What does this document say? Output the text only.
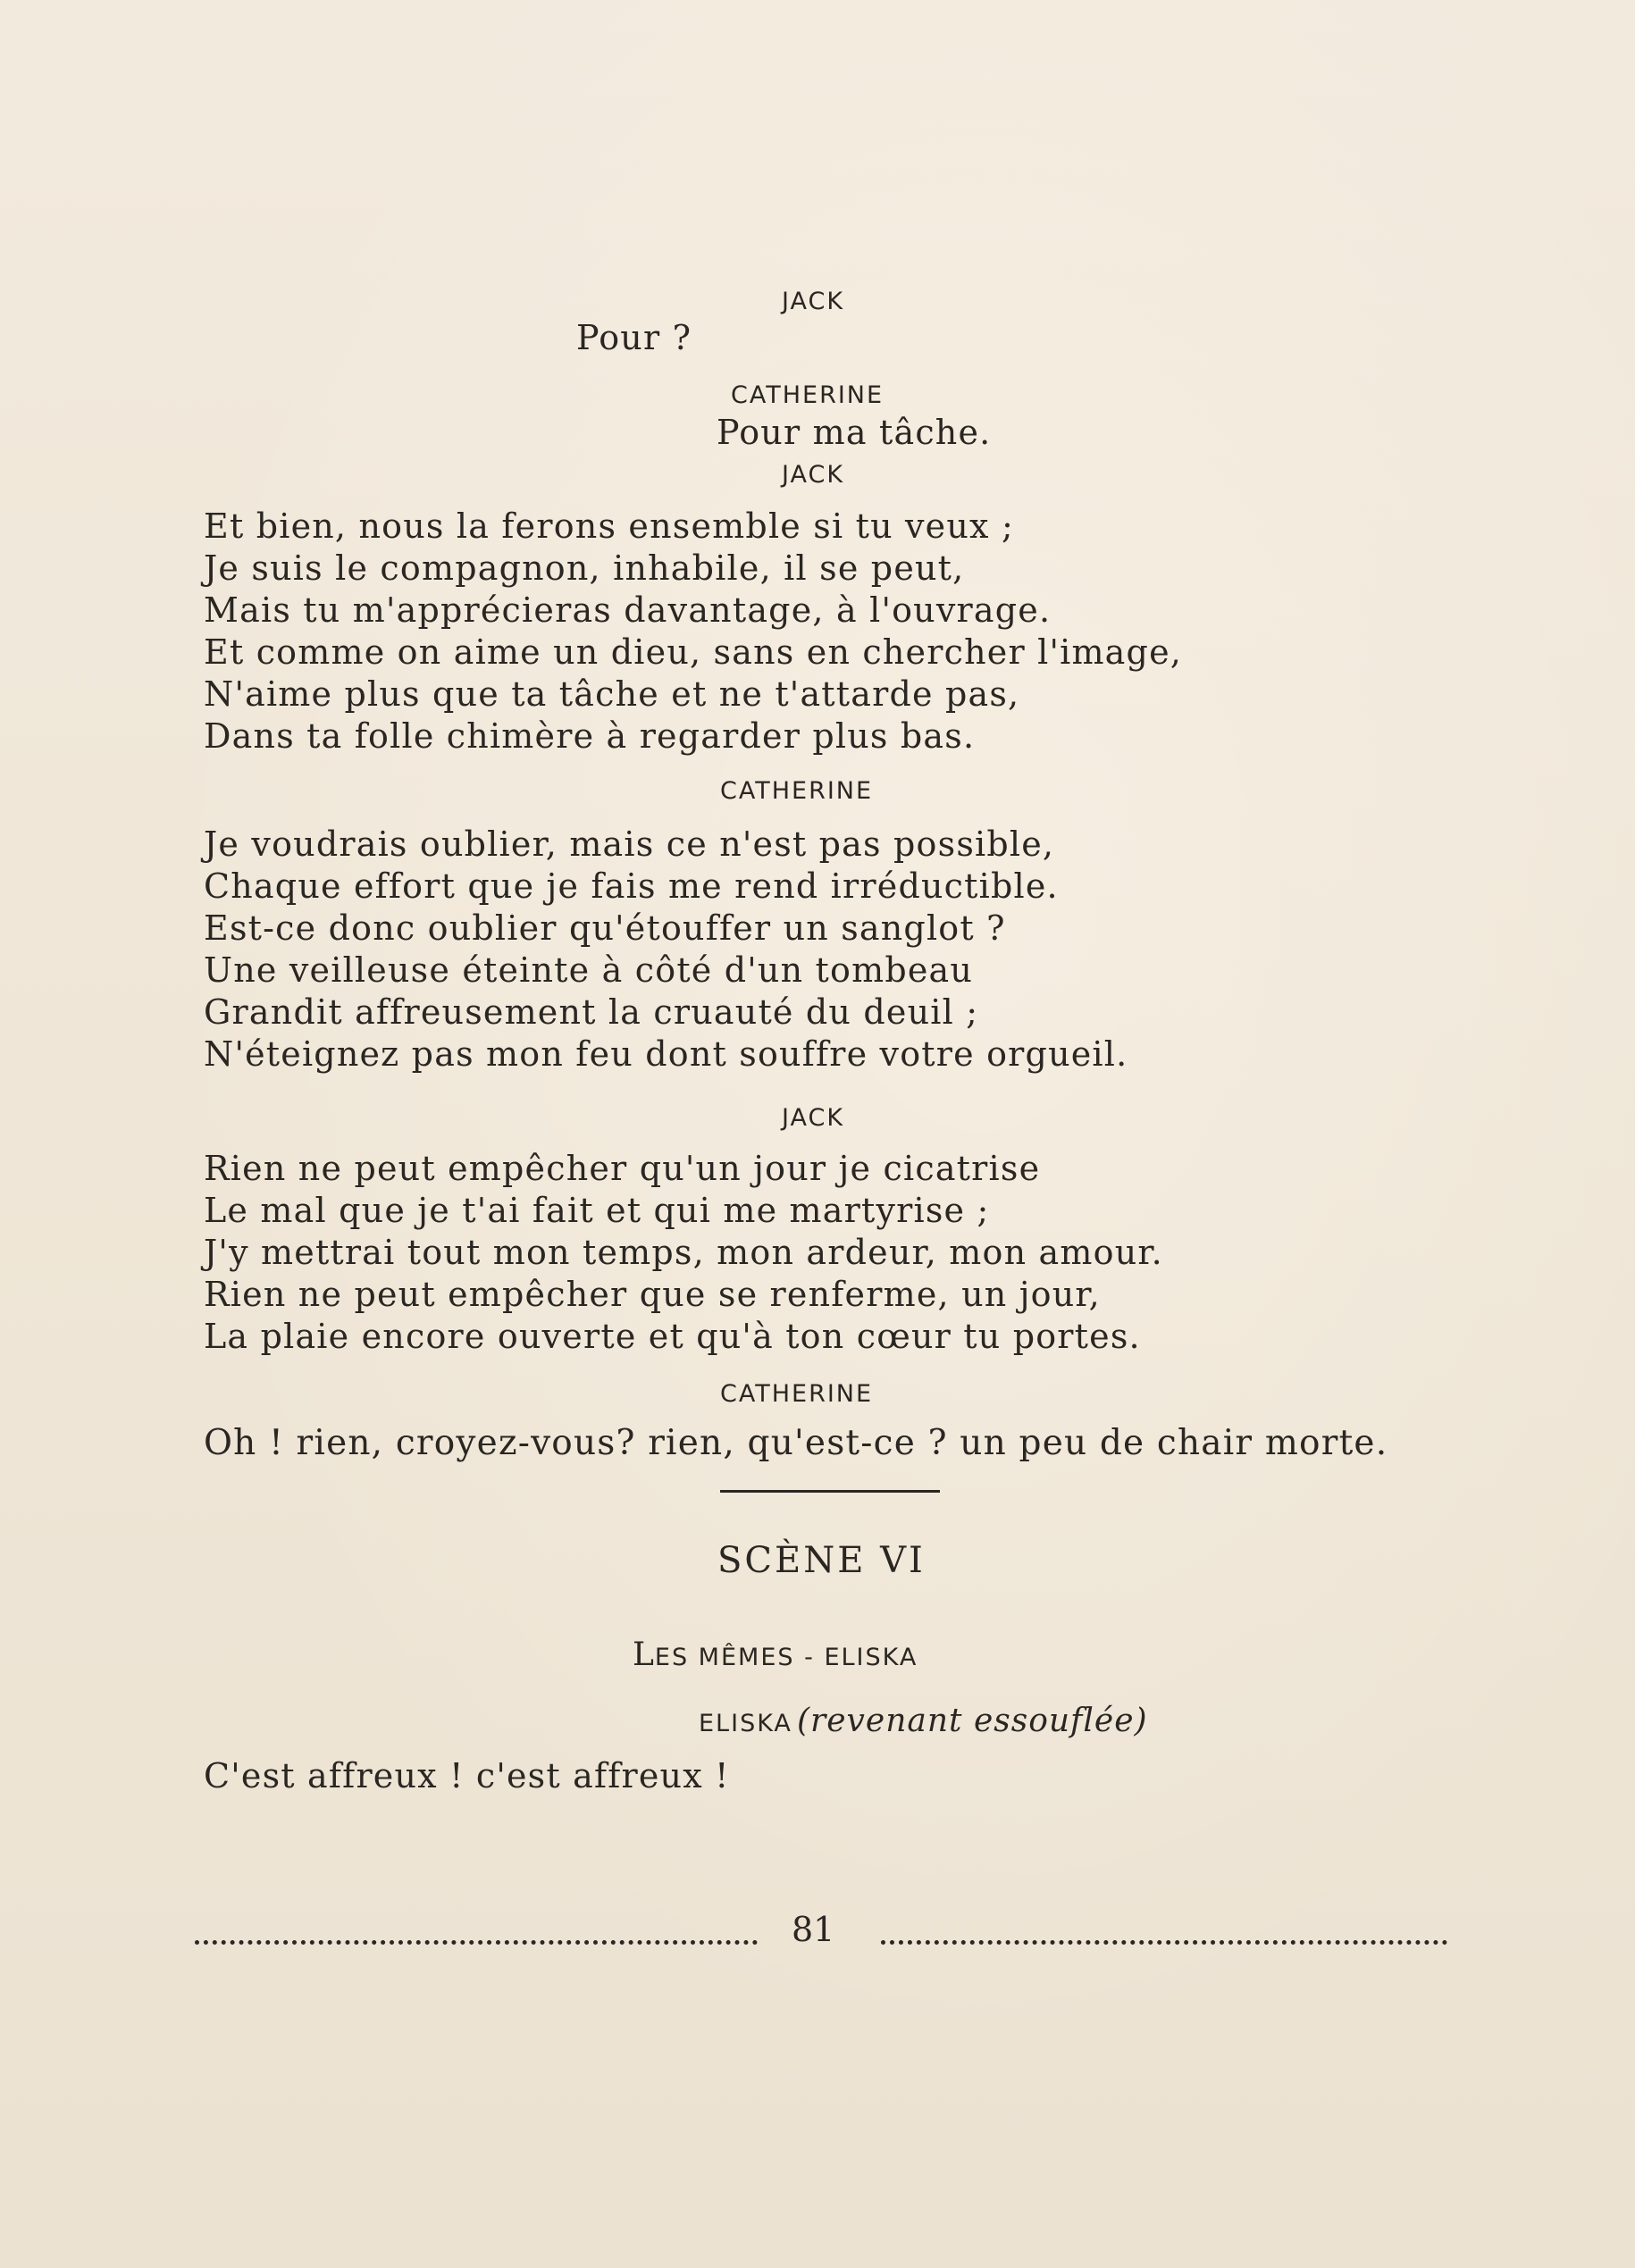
JACK
Pour ?
CATHERINE
Pour ma tâche.
JACK
Et bien, nous la ferons ensemble si tu veux ;
Je suis le compagnon, inhabile, il se peut,
Mais tu m'apprécieras davantage, à l'ouvrage.
Et comme on aime un dieu, sans en chercher l'image,
N'aime plus que ta tâche et ne t'attarde pas,
Dans ta folle chimère à regarder plus bas.
CATHERINE
Je voudrais oublier, mais ce n'est pas possible,
Chaque effort que je fais me rend irréductible.
Est-ce donc oublier qu'étouffer un sanglot ?
Une veilleuse éteinte à côté d'un tombeau
Grandit affreusement la cruauté du deuil ;
N'éteignez pas mon feu dont souffre votre orgueil.
JACK
Rien ne peut empêcher qu'un jour je cicatrise
Le mal que je t'ai fait et qui me martyrise ;
J'y mettrai tout mon temps, mon ardeur, mon amour.
Rien ne peut empêcher que se renferme, un jour,
La plaie encore ouverte et qu'à ton cœur tu portes.
CATHERINE
Oh ! rien, croyez-vous? rien, qu'est-ce ? un peu de chair morte.
SCÈNE VI
LES MÊMES - ELISKA
ELISKA (revenant essouflée)
C'est affreux ! c'est affreux !
81
